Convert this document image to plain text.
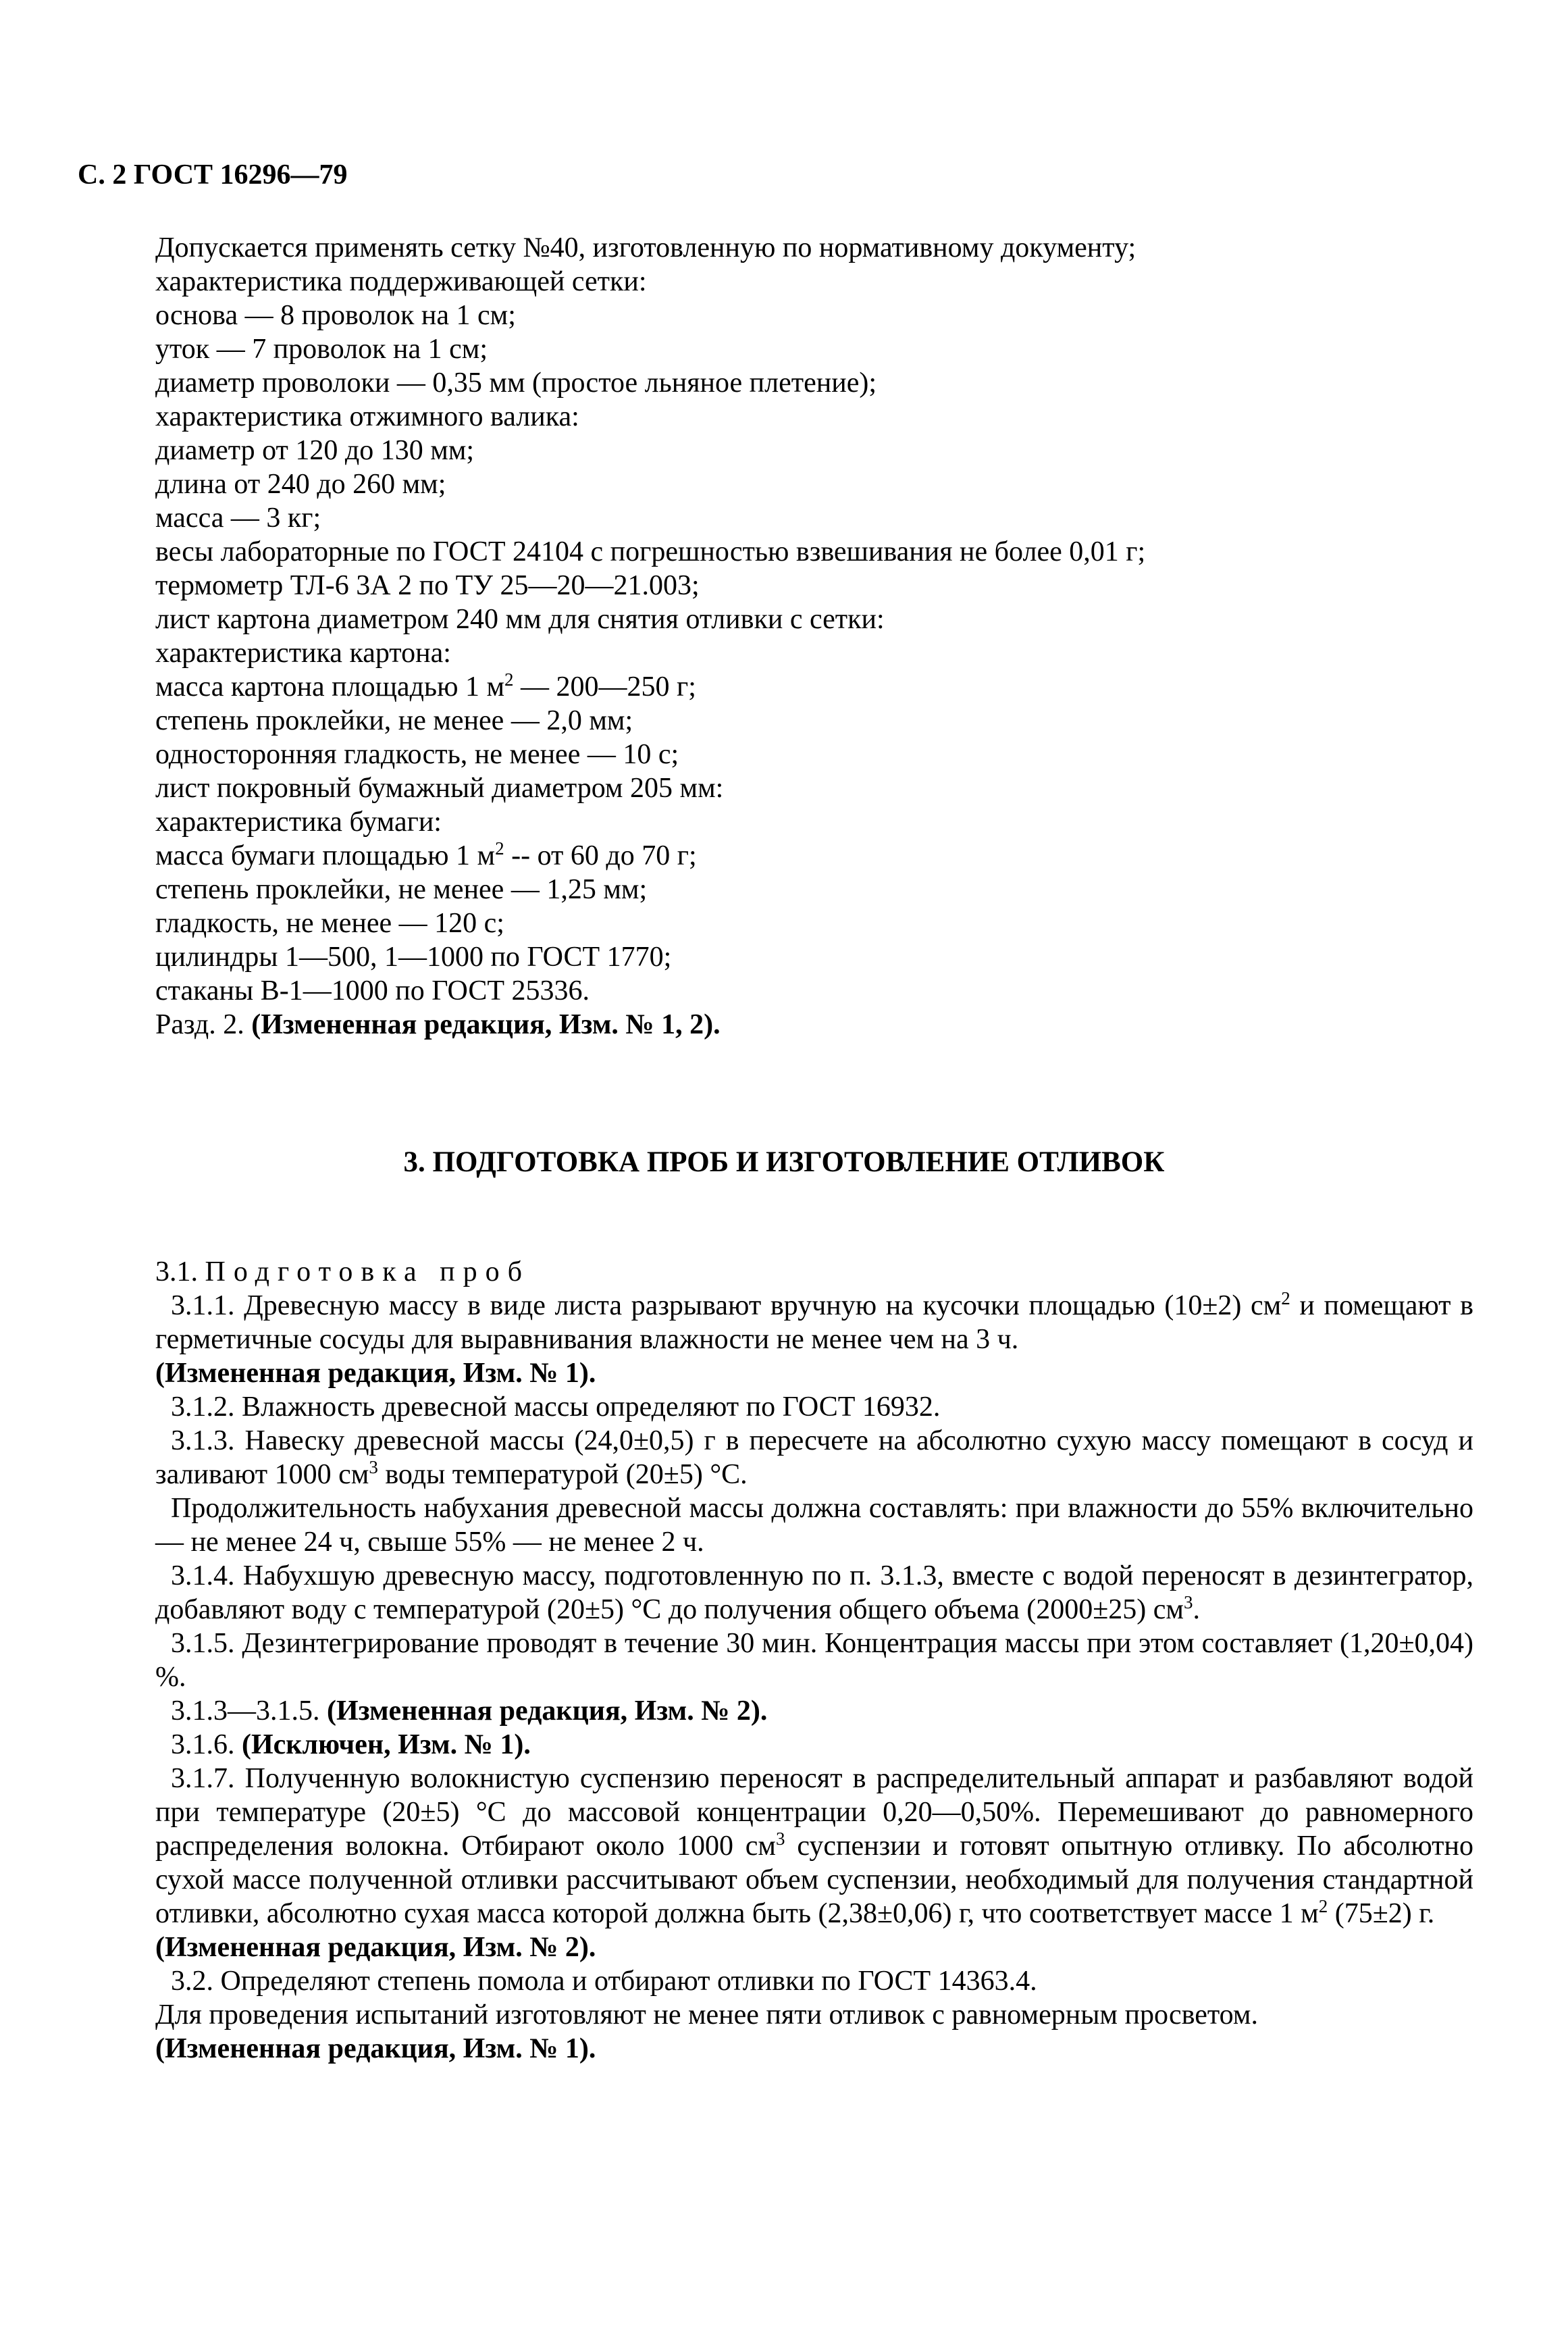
С. 2 ГОСТ 16296—79
Допускается применять сетку №40, изготовленную по нормативному документу;
характеристика поддерживающей сетки:
основа — 8 проволок на 1 см;
уток — 7 проволок на 1 см;
диаметр проволоки — 0,35 мм (простое льняное плетение);
характеристика отжимного валика:
диаметр от 120 до 130 мм;
длина от 240 до 260 мм;
масса — 3 кг;
весы лабораторные по ГОСТ 24104 с погрешностью взвешивания не более 0,01 г;
термометр ТЛ-6 3А 2 по ТУ 25—20—21.003;
лист картона диаметром 240 мм для снятия отливки с сетки:
характеристика картона:
масса картона площадью 1 $м^2$ — 200—250 г;
степень проклейки, не менее — 2,0 мм;
односторонняя гладкость, не менее — 10 с;
лист покровный бумажный диаметром 205 мм:
характеристика бумаги:
масса бумаги площадью 1 $м^2$ -- от 60 до 70 г;
степень проклейки, не менее — 1,25 мм;
гладкость, не менее — 120 с;
цилиндры 1—500, 1—1000 по ГОСТ 1770;
стаканы В-1—1000 по ГОСТ 25336.
Разд. 2. (Измененная редакция, Изм. № 1, 2).
3. ПОДГОТОВКА ПРОБ И ИЗГОТОВЛЕНИЕ ОТЛИВОК

3.1. Подготовка проб

3.1.1. Древесную массу в виде листа разрывают вручную на кусочки площадью (10±2) $см^2$ и помещают в герметичные сосуды для выравнивания влажности не менее чем на 3 ч.

(Измененная редакция, Изм. № 1).

3.1.2. Влажность древесной массы определяют по ГОСТ 16932.

3.1.3. Навеску древесной массы (24,0±0,5) г в пересчете на абсолютно сухую массу помещают в сосуд и заливают 1000 $см^3$ воды температурой (20±5) °С.

Продолжительность набухания древесной массы должна составлять: при влажности до 55% включительно — не менее 24 ч, свыше 55% — не менее 2 ч.

3.1.4. Набухшую древесную массу, подготовленную по п. 3.1.3, вместе с водой переносят в дезинтегратор, добавляют воду с температурой (20±5) °С до получения общего объема (2000±25) $см^3$.

3.1.5. Дезинтегрирование проводят в течение 30 мин. Концентрация массы при этом составляет (1,20±0,04) %.

3.1.3—3.1.5. (Измененная редакция, Изм. № 2).

3.1.6. (Исключен, Изм. № 1).

3.1.7. Полученную волокнистую суспензию переносят в распределительный аппарат и разбавляют водой при температуре (20±5) °С до массовой концентрации 0,20—0,50%. Перемешивают до равномерного распределения волокна. Отбирают около 1000 $см^3$ суспензии и готовят опытную отливку. По абсолютно сухой массе полученной отливки рассчитывают объем суспензии, необходимый для получения стандартной отливки, абсолютно сухая масса которой должна быть (2,38±0,06) г, что соответствует массе 1 $м^2$ (75±2) г.

(Измененная редакция, Изм. № 2).

3.2. Определяют степень помола и отбирают отливки по ГОСТ 14363.4.

Для проведения испытаний изготовляют не менее пяти отливок с равномерным просветом.

(Измененная редакция, Изм. № 1).
